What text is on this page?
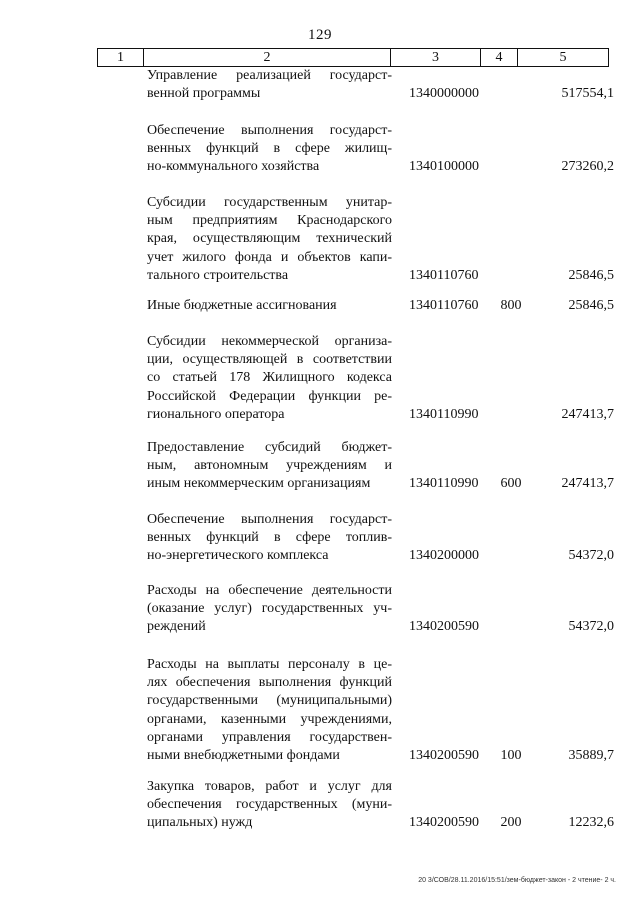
129
1	2	3	4	5
Управление реализацией государст-
венной программы	1340000000	517554,1
Обеспечение выполнения государст-
венных функций в сфере жилищ-
но-коммунального хозяйства	1340100000	273260,2
Субсидии государственным унитар-
ным предприятиям Краснодарского
края, осуществляющим технический
учет жилого фонда и объектов капи-
тального строительства	1340110760	25846,5
Иные бюджетные ассигнования	1340110760 800	25846,5
Субсидии некоммерческой организа-
ции, осуществляющей в соответствии
со статьей 178 Жилищного кодекса
Российской Федерации функции ре-
гионального оператора	1340110990	247413,7
Предоставление субсидий бюджет-
ным, автономным учреждениям и
иным некоммерческим организациям	1340110990 600	247413,7
Обеспечение выполнения государст-
венных функций в сфере топлив-
но-энергетического комплекса	1340200000	54372,0
Расходы на обеспечение деятельности
(оказание услуг) государственных уч-
реждений	1340200590	54372,0
Расходы на выплаты персоналу в це-
лях обеспечения выполнения функций
государственными (муниципальными)
органами, казенными учреждениями,
органами управления государствен-
ными внебюджетными фондами	1340200590 100	35889,7
Закупка товаров, работ и услуг для
обеспечения государственных (муни-
ципальных) нужд	1340200590 200	12232,6
20 3/СОВ/28.11.2016/15:51/зем-бюджет-закон - 2 чтение- 2 ч.
